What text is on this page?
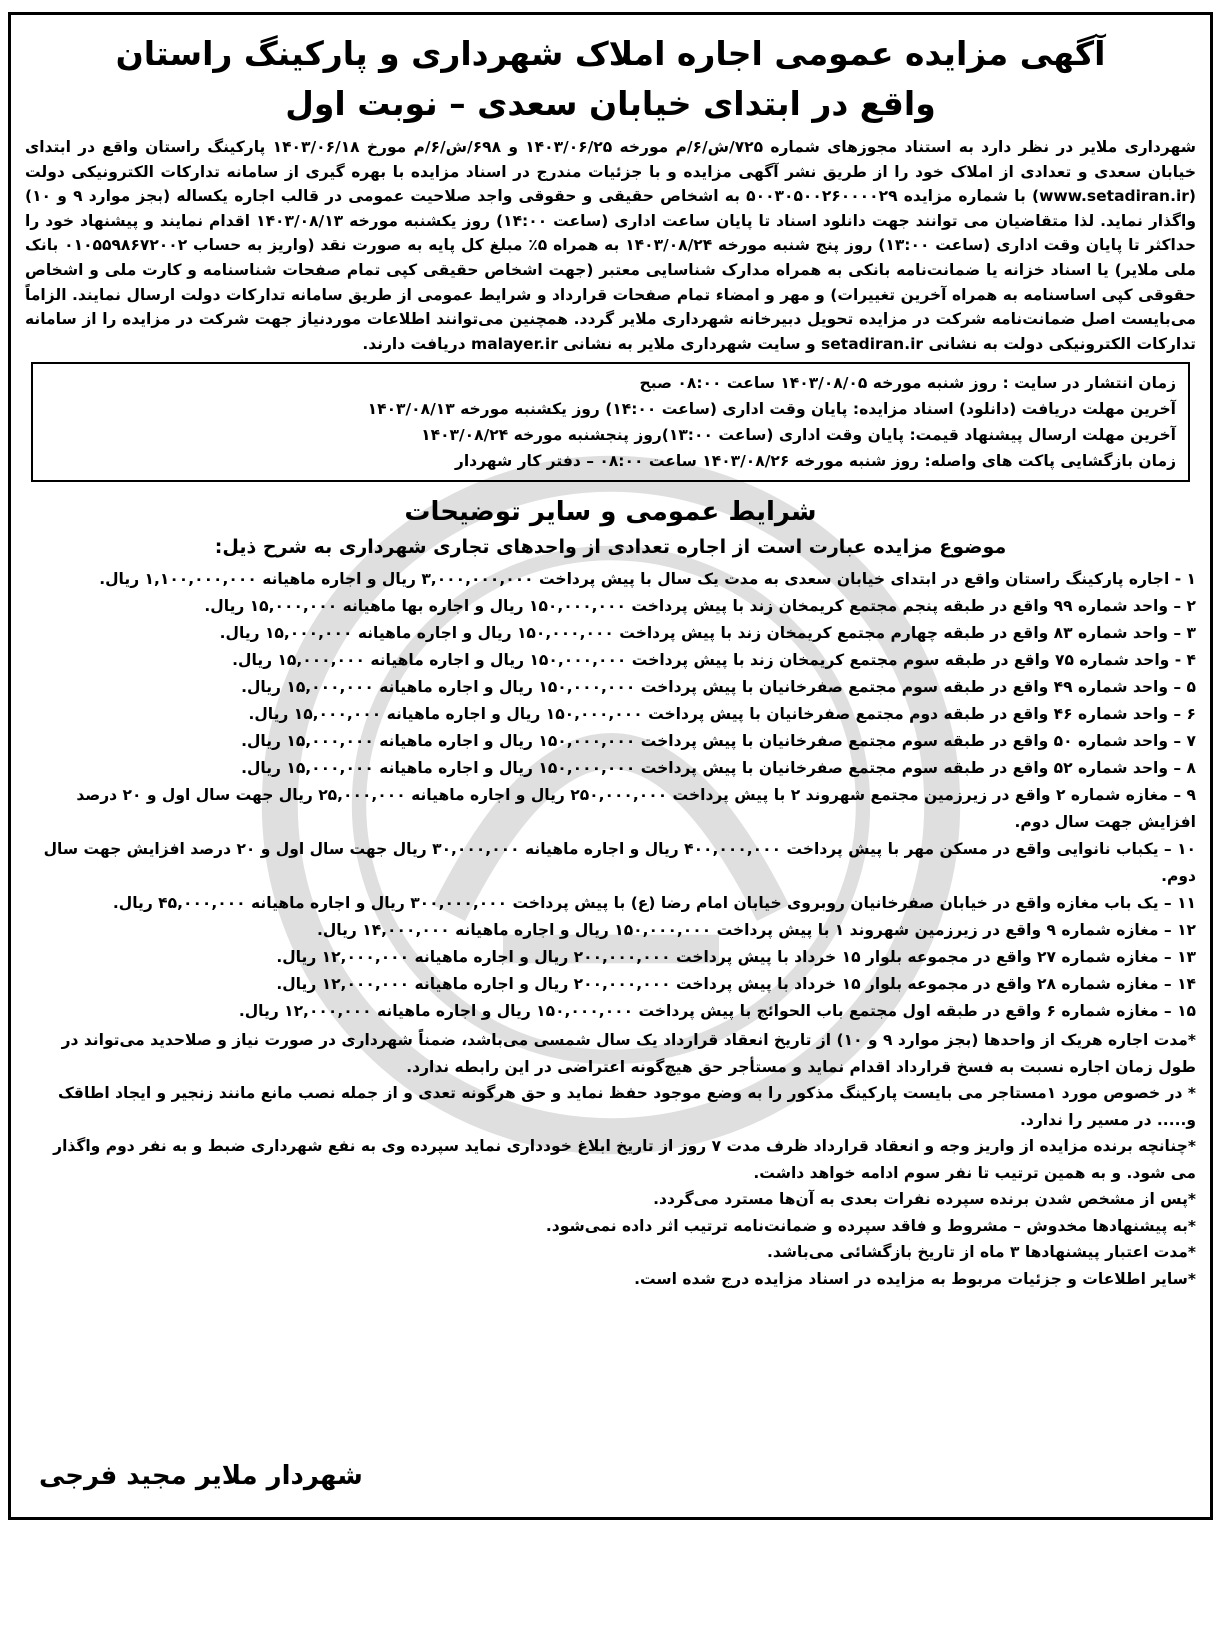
آگهی مزایده عمومی اجاره املاک شهرداری و پارکینگ راستان
واقع در ابتدای خیابان سعدی – نوبت اول
شهرداری ملایر در نظر دارد به استناد مجوزهای شماره ۷۲۵/ش/۶/م مورخه ۱۴۰۳/۰۶/۲۵ و ۶۹۸/ش/۶/م مورخ ۱۴۰۳/۰۶/۱۸ پارکینگ راستان واقع در ابتدای خیابان سعدی و تعدادی از املاک خود را از طریق نشر آگهی مزایده و با جزئیات مندرج در اسناد مزایده با بهره گیری از سامانه تدارکات الکترونیکی دولت (www.setadiran.ir) با شماره مزایده ۵۰۰۳۰۵۰۰۲۶۰۰۰۰۲۹ به اشخاص حقیقی و حقوقی واجد صلاحیت عمومی در قالب اجاره یکساله (بجز موارد ۹ و ۱۰) واگذار نماید. لذا متقاضیان می توانند جهت دانلود اسناد تا پایان ساعت اداری (ساعت ۱۴:۰۰) روز یکشنبه مورخه ۱۴۰۳/۰۸/۱۳ اقدام نمایند و پیشنهاد خود را حداکثر تا پایان وقت اداری (ساعت ۱۳:۰۰) روز پنج شنبه مورخه ۱۴۰۳/۰۸/۲۴ به همراه ۵٪ مبلغ کل پایه به صورت نقد (واریز به حساب ۰۱۰۵۵۹۸۶۷۲۰۰۲ بانک ملی ملایر) یا اسناد خزانه یا ضمانت‌نامه بانکی به همراه مدارک شناسایی معتبر (جهت اشخاص حقیقی کپی تمام صفحات شناسنامه و کارت ملی و اشخاص حقوقی کپی اساسنامه به همراه آخرین تغییرات) و مهر و امضاء تمام صفحات قرارداد و شرایط عمومی از طریق سامانه تدارکات دولت ارسال نمایند. الزاماً می‌بایست اصل ضمانت‌نامه شرکت در مزایده تحویل دبیرخانه شهرداری ملایر گردد. همچنین می‌توانند اطلاعات موردنیاز جهت شرکت در مزایده را از سامانه تدارکات الکترونیکی دولت به نشانی setadiran.ir و سایت شهرداری ملایر به نشانی malayer.ir دریافت دارند.
زمان انتشار در سایت : روز شنبه مورخه ۱۴۰۳/۰۸/۰۵ ساعت ۰۸:۰۰ صبح
آخرین مهلت دریافت (دانلود) اسناد مزایده: پایان وقت اداری (ساعت ۱۴:۰۰) روز یکشنبه مورخه ۱۴۰۳/۰۸/۱۳
آخرین مهلت ارسال پیشنهاد قیمت: پایان وقت اداری (ساعت ۱۳:۰۰)روز پنجشنبه مورخه ۱۴۰۳/۰۸/۲۴
زمان بازگشایی پاکت های واصله: روز شنبه مورخه ۱۴۰۳/۰۸/۲۶ ساعت ۰۸:۰۰ – دفتر کار شهردار
شرایط عمومی و سایر توضیحات
موضوع مزایده عبارت است از اجاره تعدادی از واحدهای تجاری شهرداری به شرح ذیل:
۱ - اجاره پارکینگ راستان واقع در ابتدای خیابان سعدی به مدت یک سال با پیش پرداخت ۳,۰۰۰,۰۰۰,۰۰۰ ریال و اجاره ماهیانه ۱,۱۰۰,۰۰۰,۰۰۰ ریال.
۲ – واحد شماره ۹۹ واقع در طبقه پنجم مجتمع کریمخان زند با پیش پرداخت ۱۵۰,۰۰۰,۰۰۰ ریال و اجاره بها ماهیانه ۱۵,۰۰۰,۰۰۰ ریال.
۳ – واحد شماره ۸۳ واقع در طبقه چهارم مجتمع کریمخان زند با پیش پرداخت ۱۵۰,۰۰۰,۰۰۰ ریال و اجاره ماهیانه ۱۵,۰۰۰,۰۰۰ ریال.
۴ - واحد شماره ۷۵ واقع در طبقه سوم مجتمع کریمخان زند با پیش پرداخت ۱۵۰,۰۰۰,۰۰۰ ریال و اجاره ماهیانه ۱۵,۰۰۰,۰۰۰ ریال.
۵ – واحد شماره ۴۹ واقع در طبقه سوم مجتمع صفرخانیان با پیش پرداخت ۱۵۰,۰۰۰,۰۰۰ ریال و اجاره ماهیانه ۱۵,۰۰۰,۰۰۰ ریال.
۶ – واحد شماره ۴۶ واقع در طبقه دوم مجتمع صفرخانیان با پیش پرداخت ۱۵۰,۰۰۰,۰۰۰ ریال و اجاره ماهیانه ۱۵,۰۰۰,۰۰۰ ریال.
۷ – واحد شماره ۵۰ واقع در طبقه سوم مجتمع صفرخانیان با پیش پرداخت ۱۵۰,۰۰۰,۰۰۰ ریال و اجاره ماهیانه ۱۵,۰۰۰,۰۰۰ ریال.
۸ – واحد شماره ۵۲ واقع در طبقه سوم مجتمع صفرخانیان با پیش پرداخت ۱۵۰,۰۰۰,۰۰۰ ریال و اجاره ماهیانه ۱۵,۰۰۰,۰۰۰ ریال.
۹ – مغازه شماره ۲ واقع در زیرزمین مجتمع شهروند ۲ با پیش پرداخت ۲۵۰,۰۰۰,۰۰۰ ریال و اجاره ماهیانه ۲۵,۰۰۰,۰۰۰ ریال جهت سال اول و ۲۰ درصد افزایش جهت سال دوم.
۱۰ – یکباب نانوایی واقع در مسکن مهر با پیش پرداخت ۴۰۰,۰۰۰,۰۰۰ ریال و اجاره ماهیانه ۳۰,۰۰۰,۰۰۰ ریال جهت سال اول و ۲۰ درصد افزایش جهت سال دوم.
۱۱ – یک باب مغازه واقع در خیابان صفرخانیان روبروی خیابان امام رضا (ع) با پیش پرداخت ۳۰۰,۰۰۰,۰۰۰ ریال و اجاره ماهیانه ۴۵,۰۰۰,۰۰۰ ریال.
۱۲ – مغازه شماره ۹ واقع در زیرزمین شهروند ۱ با پیش پرداخت ۱۵۰,۰۰۰,۰۰۰ ریال و اجاره ماهیانه ۱۴,۰۰۰,۰۰۰ ریال.
۱۳ – مغازه شماره ۲۷ واقع در مجموعه بلوار ۱۵ خرداد با پیش پرداخت ۲۰۰,۰۰۰,۰۰۰ ریال و اجاره ماهیانه ۱۲,۰۰۰,۰۰۰ ریال.
۱۴ – مغازه شماره ۲۸ واقع در مجموعه بلوار ۱۵ خرداد با پیش پرداخت ۲۰۰,۰۰۰,۰۰۰ ریال و اجاره ماهیانه ۱۲,۰۰۰,۰۰۰ ریال.
۱۵ – مغازه شماره ۶ واقع در طبقه اول مجتمع باب الحوائج با پیش پرداخت ۱۵۰,۰۰۰,۰۰۰ ریال و اجاره ماهیانه ۱۲,۰۰۰,۰۰۰ ریال.
*مدت اجاره هریک از واحدها (بجز موارد ۹ و ۱۰) از تاریخ انعقاد قرارداد یک سال شمسی می‌باشد، ضمناً شهرداری در صورت نیاز و صلاحدید می‌تواند در طول زمان اجاره نسبت به فسخ قرارداد اقدام نماید و مستأجر حق هیچ‌گونه اعتراضی در این رابطه ندارد.
* در خصوص مورد ۱مستاجر می بایست پارکینگ مذکور را به وضع موجود حفظ نماید و حق هرگونه تعدی و از جمله نصب مانع مانند زنجیر و ایجاد اطاقک و..... در مسیر را ندارد.
*چنانچه برنده مزایده از واریز وجه و انعقاد قرارداد ظرف مدت ۷ روز از تاریخ ابلاغ خودداری نماید سپرده وی به نفع شهرداری ضبط و به نفر دوم واگذار می شود. و به همین ترتیب تا نفر سوم ادامه خواهد داشت.
*پس از مشخص شدن برنده سپرده نفرات بعدی به آن‌ها مسترد می‌گردد.
*به پیشنهادها مخدوش – مشروط و فاقد سپرده و ضمانت‌نامه ترتیب اثر داده نمی‌شود.
*مدت اعتبار پیشنهادها ۳ ماه از تاریخ بازگشائی می‌باشد.
*سایر اطلاعات و جزئیات مربوط به مزایده در اسناد مزایده درج شده است.
شهردار ملایر مجید فرجی
